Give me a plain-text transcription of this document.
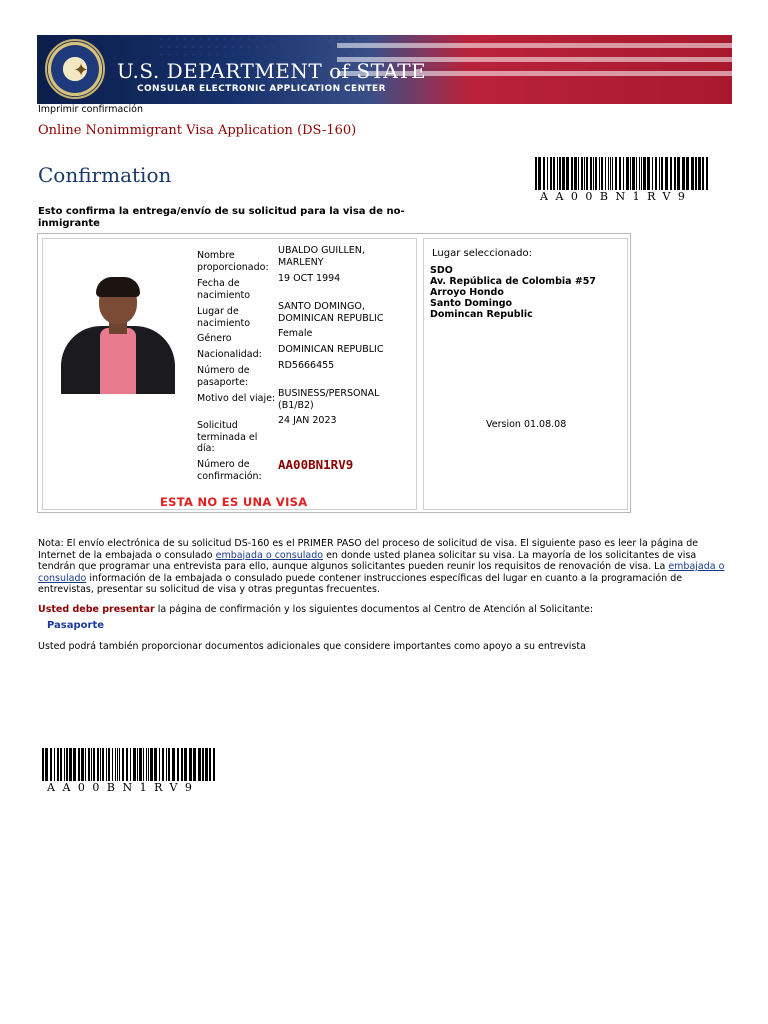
✦ U.S. DEPARTMENT of STATE
CONSULAR ELECTRONIC APPLICATION CENTER
Imprimir confirmación
Online Nonimmigrant Visa Application (DS-160)
Confirmation
AA00BN1RV9
Esto confirma la entrega/envío de su solicitud para la visa de no-inmigrante
Nombre proporcionado:
UBALDO GUILLEN, MARLENY
Fecha de nacimiento
19 OCT 1994
Lugar de nacimiento
SANTO DOMINGO, DOMINICAN REPUBLIC
Género	Female
Nacionalidad:	DOMINICAN REPUBLIC
Número de pasaporte:
RD5666455
Motivo del viaje: BUSINESS/PERSONAL (B1/B2)
Solicitud terminada el día:
24 JAN 2023
Número de confirmación:
AA00BN1RV9
ESTA NO ES UNA VISA
Lugar seleccionado:
SDO
Av. República de Colombia #57
Arroyo Hondo
Santo Domingo
Domincan Republic
Version 01.08.08
Nota: El envío electrónica de su solicitud DS-160 es el PRIMER PASO del proceso de solicitud de visa. El siguiente paso es leer la página de Internet de la embajada o consulado embajada o consulado en donde usted planea solicitar su visa. La mayoría de los solicitantes de visa tendrán que programar una entrevista para ello, aunque algunos solicitantes pueden reunir los requisitos de renovación de visa. La embajada o consulado información de la embajada o consulado puede contener instrucciones específicas del lugar en cuanto a la programación de entrevistas, presentar su solicitud de visa y otras preguntas frecuentes.
Usted debe presentar la página de confirmación y los siguientes documentos al Centro de Atención al Solicitante:
Pasaporte
Usted podrá también proporcionar documentos adicionales que considere importantes como apoyo a su entrevista
AA00BN1RV9
